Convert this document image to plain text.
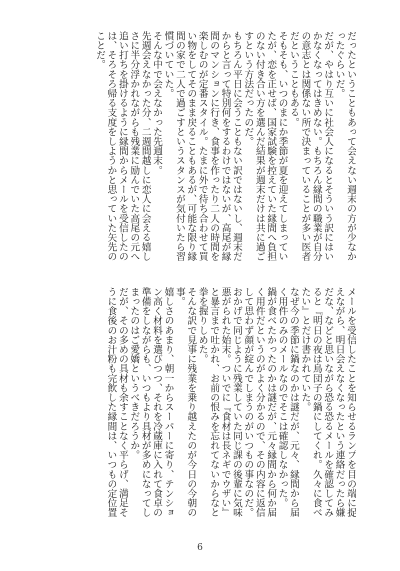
だったということもあって会えない週末の方が少なかったぐらいだ。

だが、やはり互いに社会人になるとそういう訳にはいかなくなってはきめない。もちろん縁間の職業が自分の意志とは関係ない所で決まっていることが多い医者だということもある。

そもそも、いつのまにか季節が夏を迎えてしまっていたが、恋を正せば、国家試験を控えていた縁間へ負担のない付き合い方を選んだ結果が週末だけは共に過ごすという方法だったのだ。

もちろん平日に会うこともない訳ではないし、週末だからと言って特別何をするわけではないが、高尾が縁間のマンションに行き、食事を作ったり二人の時間を楽しむのが定番スタイル。たまに外で待ち合わせて買い物をしてそのまま戻ることもあるが、可能な限り縁間の家で二人で過ごすというスタンスが気付いたら習慣づいていた。

そんな中で会えなかった先週末。

先週会えなかった分、二週間越しに恋人に会える嬉しさに半分浮かれながらも残業に励んでいた高尾の元へ追い打ちを掛けるように縁間からメールを受信したのは、そろそろ帰る支度をしようかと思っていた矢先のことだ。

メールを受信したことを知らせるランプを目の端に捉えながら、明日会えなくなったという連絡だったら嫌だな、などと思いながら恐る恐るメールを確認してみると『明日の夜は鳥団子の鍋にしてくれ。久々に食べたい』とだけ書かれていた。

なぜ今の季節に鍋なのかは謎だが、元々、縁間から届く用件のみのメールなのでそこは確認しなかった。

鍋が食べたかったのかは謎だが、元々縁間から何か届く用件だというのがよく分かるので、その内容に返信して思わず顔が綻んでしまうのがいつもの事なのだ。

おかげで同じように残業していた同じ課の後輩に気味悪がられた始末。ついでに『食材は長ネギでウザい』と暴言まで吐かれ、お前の恨みを忘れてないからなと拳を握りしめた。

そんな訳で見事に残業を乗り越えたのが今日の今朝の事。

嬉しさのあまり、朝一からスーパーに寄り、テンション高く材料を選びつつ、それを冷蔵庫に入れて食卓の準備をしながらも、いつもより具材が多めになってしまったのはご愛嬌というべきだろうか。

だが、その多めの具材も余すことなく平らげ、満足そうに食後のお汁粉も完飲した縁間は、いつもの定位置

6
